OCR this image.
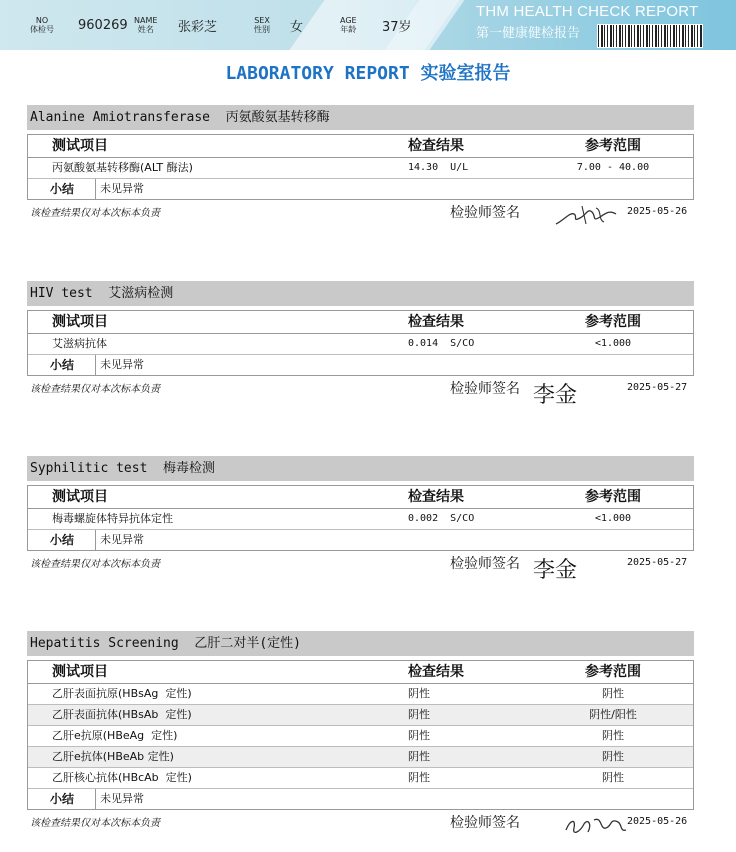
NO
体检号 960269 NAME
姓名 张彩芝	SEX
性别 女	AGE
年龄 37岁
THM HEALTH CHECK REPORT
第一健康健检报告
LABORATORY REPORT 实验室报告
Alanine Amiotransferase  丙氨酸氨基转移酶
测试项目	检查结果	参考范围
丙氨酸氨基转移酶(ALT 酶法)	14.30  U/L	7.00 - 40.00
小结	未见异常
该检查结果仅对本次标本负责	检验师签名	2025-05-26
HIV test  艾滋病检测
测试项目	检查结果	参考范围
艾滋病抗体	0.014  S/CO	<1.000
小结	未见异常
该检查结果仅对本次标本负责	检验师签名 李金	2025-05-27
Syphilitic test  梅毒检测
测试项目	检查结果	参考范围
梅毒螺旋体特异抗体定性	0.002  S/CO	<1.000
小结	未见异常
该检查结果仅对本次标本负责	检验师签名 李金	2025-05-27
Hepatitis Screening  乙肝二对半(定性)
测试项目	检查结果	参考范围
乙肝表面抗原(HBsAg  定性)	阴性	阴性
乙肝表面抗体(HBsAb  定性)	阴性	阴性/阳性
乙肝e抗原(HBeAg  定性)	阴性	阴性
乙肝e抗体(HBeAb 定性)	阴性	阴性
乙肝核心抗体(HBcAb  定性)	阴性	阴性
小结	未见异常
该检查结果仅对本次标本负责	检验师签名	2025-05-26
